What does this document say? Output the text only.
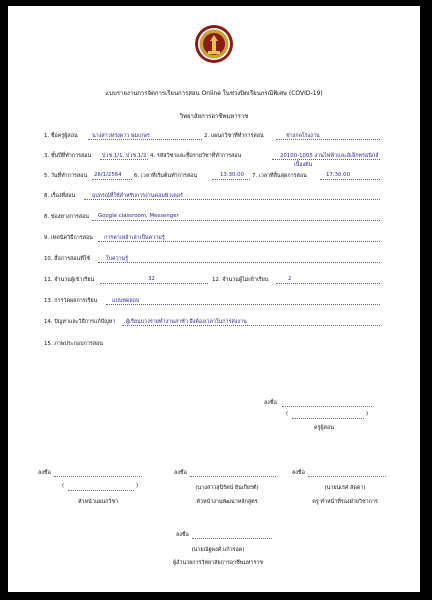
แบบรายงานการจัดการเรียนการสอน Online ในช่วงปิดเรียนกรณีพิเศษ (COVID-19)
วิทยาลัยการอาชีพมหาราช
1. ชื่อครูผู้สอน	นางสาวทรงดาว พุ่มเกษร	2. แผนกวิชาที่ทำการสอน	ช่างกลโรงงาน
3. ชั้นปีที่ทำการสอน ปวช.1/1, ปวช.1/2 4. รหัสวิชาและชื่อรายวิชาที่ทำการสอน	20100-1005 งานไฟฟ้าและอิเล็กทรอนิกส์
เบื้องต้น
5. วันที่ทำการสอน 26/1/2564 6. เวลาที่เริ่มต้นทำการสอน	13.30.00 7. เวลาที่สิ้นสุดการสอน	17.30.00
8. เรื่องที่สอน	อุปกรณ์ที่ใช้สำหรับการงานคอมพิวเตอร์
8. ช่องทางการสอน Google classroom, Messenger
9. เทคนิควิธีการสอน การหาเหล้าเล่าเป็นความรู้
10. สื่อการสอนที่ใช้	ใบความรู้
11. จำนวนผู้เข้าเรียน	32	12. จำนวนผู้ไม่เข้าเรียน	2
13. การวัดผลการเรียน	แบบทดสอบ
14. ปัญหาและวิธีการแก้ปัญหา ผู้เรียนบางรายทำงานล่าช้า จึงต้องเวลาในการส่งงาน
15. ภาพประกอบการสอน
ลงชื่อ
(	)
ครูผู้สอน
ลงชื่อ
(	)
หัวหน้าแผนกวิชา
ลงชื่อ
(นางสาวสุนีรัตน์ ยินเกียรติ)
หัวหน้างานพัฒนาหลักสูตร
ลงชื่อ
(นายนเรศ ลัดดา)
ครู ทำหน้าที่รองฝ่ายวิชาการ
ลงชื่อ
(นายณัฐพงศ์ แก้วรอด)
ผู้อำนวยการวิทยาลัยการอาชีพมหาราช
